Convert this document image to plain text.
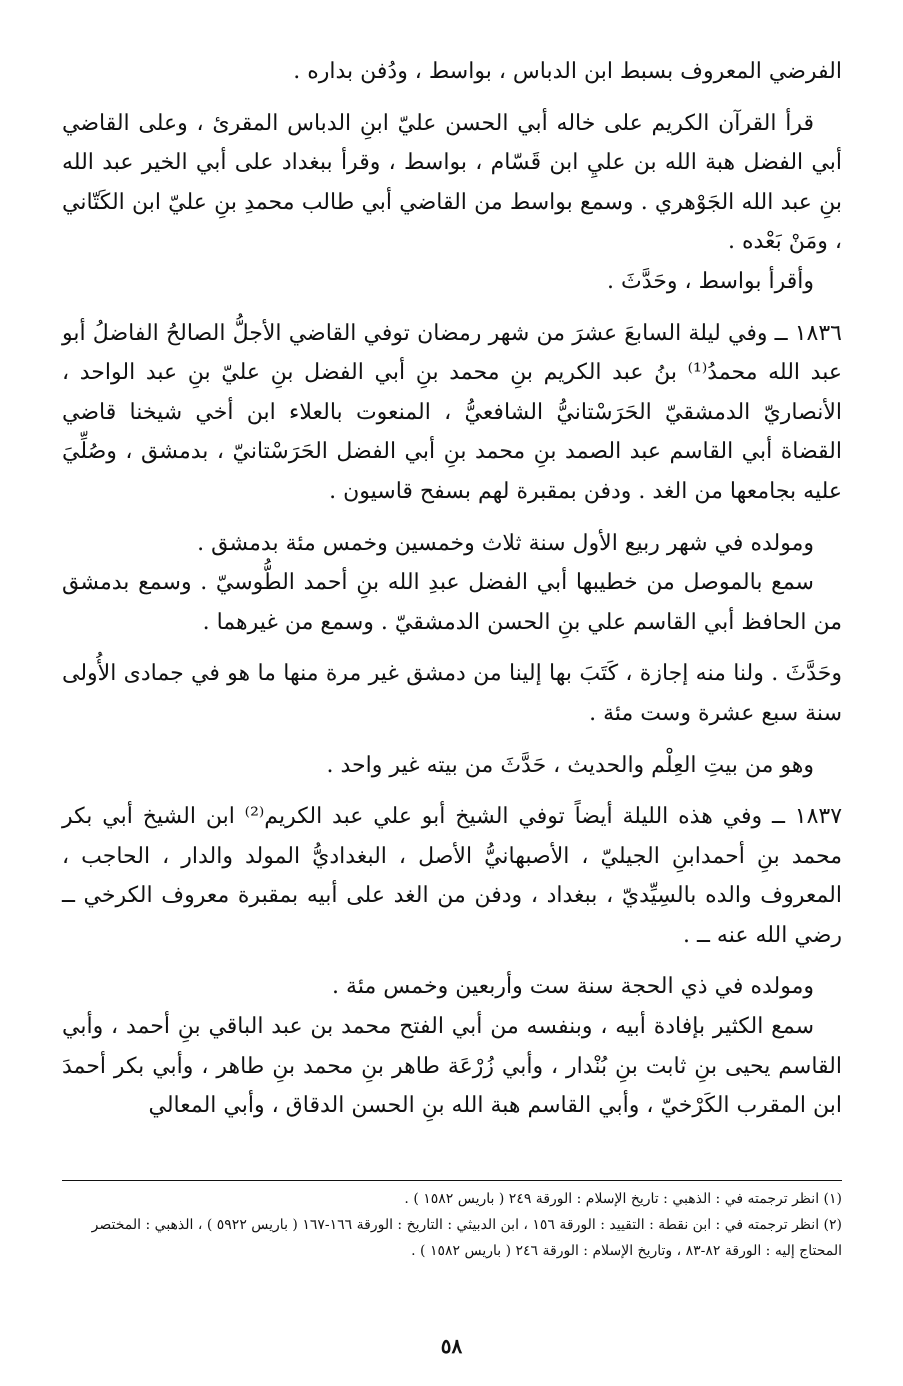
الفرضي المعروف بسبط ابن الدباس ، بواسط ، ودُفن بداره .

قرأ القرآن الكريم على خاله أبي الحسن عليّ ابنِ الدباس المقرئ ، وعلى القاضي أبي الفضل هبة الله بن عليِ ابن قَسّام ، بواسط ، وقرأ ببغداد على أبي الخير عبد الله بنِ عبد الله الجَوْهري . وسمع بواسط من القاضي أبي طالب محمدِ بنِ عليّ ابن الكَتّاني ، ومَنْ بَعْده .

وأقرأ بواسط ، وحَدَّثَ .

١٨٣٦ ــ وفي ليلة السابعَ عشرَ من شهر رمضان توفي القاضي الأجلُّ الصالحُ الفاضلُ أبو عبد الله محمدُ⁽¹⁾ بنُ عبد الكريم بنِ محمد بنِ أبي الفضل بنِ عليّ بنِ عبد الواحد ، الأنصاريّ الدمشقيّ الحَرَسْتانيُّ الشافعيُّ ، المنعوت بالعلاء ابن أخي شيخنا قاضي القضاة أبي القاسم عبد الصمد بنِ محمد بنِ أبي الفضل الحَرَسْتانيّ ، بدمشق ، وصُلِّيَ عليه بجامعها من الغد . ودفن بمقبرة لهم بسفح قاسيون .

ومولده في شهر ربيع الأول سنة ثلاث وخمسين وخمس مئة بدمشق .

سمع بالموصل من خطيبها أبي الفضل عبدِ الله بنِ أحمد الطُّوسيّ . وسمع بدمشق من الحافظ أبي القاسم علي بنِ الحسن الدمشقيّ . وسمع من غيرهما .

وحَدَّثَ . ولنا منه إجازة ، كَتَبَ بها إلينا من دمشق غير مرة منها ما هو في جمادى الأُولى سنة سبع عشرة وست مئة .

وهو من بيتِ العِلْم والحديث ، حَدَّثَ من بيته غير واحد .

١٨٣٧ ــ وفي هذه الليلة أيضاً توفي الشيخ أبو علي عبد الكريم⁽²⁾ ابن الشيخ أبي بكر محمد بنِ أحمدابنِ الجيليّ ، الأصبهانيُّ الأصل ، البغداديُّ المولد والدار ، الحاجب ، المعروف والده بالسِيِّديّ ، ببغداد ، ودفن من الغد على أبيه بمقبرة معروف الكرخي ــ رضي الله عنه ــ .

ومولده في ذي الحجة سنة ست وأربعين وخمس مئة .

سمع الكثير بإفادة أبيه ، وبنفسه من أبي الفتح محمد بن عبد الباقي بنِ أحمد ، وأبي القاسم يحيى بنِ ثابت بنِ بُنْدار ، وأبي زُرْعَة طاهر بنِ محمد بنِ طاهر ، وأبي بكر أحمدَ ابن المقرب الكَرْخيّ ، وأبي القاسم هبة الله بنِ الحسن الدقاق ، وأبي المعالي

(١) انظر ترجمته في : الذهبي : تاريخ الإسلام : الورقة ٢٤٩ ( باريس ١٥٨٢ ) .

(٢) انظر ترجمته في : ابن نقطة : التقييد : الورقة ١٥٦ ، ابن الدبيثي : التاريخ : الورقة ١٦٦-١٦٧ ( باريس ٥٩٢٢ ) ، الذهبي : المختصر المحتاج إليه : الورقة ٨٢-٨٣ ، وتاريخ الإسلام : الورقة ٢٤٦ ( باريس ١٥٨٢ ) .

٥٨
